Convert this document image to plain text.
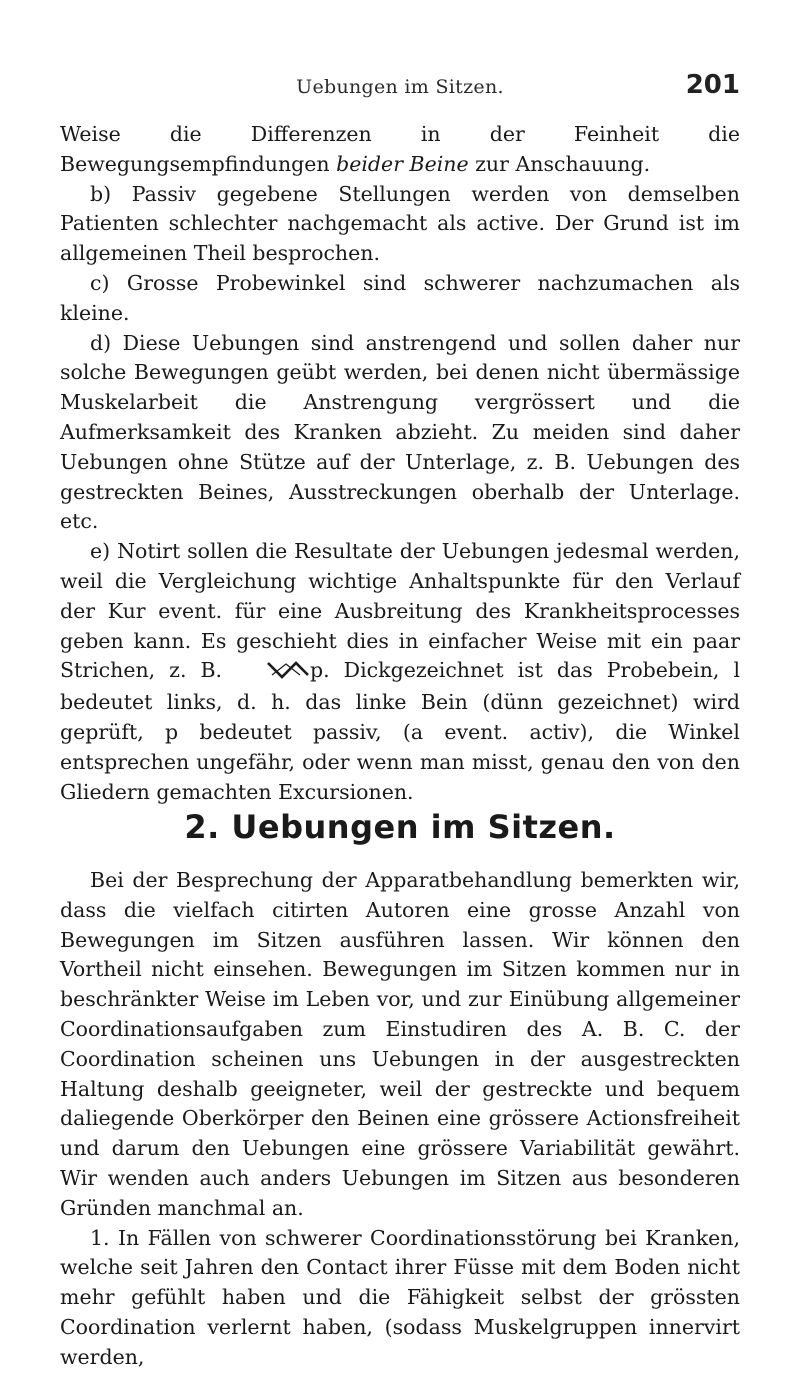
Uebungen im Sitzen.	201

Weise die Differenzen in der Feinheit die Bewegungsempfindungen beider Beine zur Anschauung.

b) Passiv gegebene Stellungen werden von demselben Patienten schlechter nachgemacht als active. Der Grund ist im allgemeinen Theil besprochen.

c) Grosse Probewinkel sind schwerer nachzumachen als kleine.

d) Diese Uebungen sind anstrengend und sollen daher nur solche Bewegungen geübt werden, bei denen nicht übermässige Muskelarbeit die Anstrengung vergrössert und die Aufmerksamkeit des Kranken abzieht. Zu meiden sind daher Uebungen ohne Stütze auf der Unterlage, z. B. Uebungen des gestreckten Beines, Ausstreckungen oberhalb der Unterlage. etc.

e) Notirt sollen die Resultate der Uebungen jedesmal werden, weil die Vergleichung wichtige Anhaltspunkte für den Verlauf der Kur event. für eine Ausbreitung des Krankheitsprocesses geben kann. Es geschieht dies in einfacher Weise mit ein paar Strichen, z. B.	p. Dickgezeichnet ist das Probebein, l bedeutet links, d. h. das linke Bein (dünn gezeichnet) wird geprüft, p bedeutet passiv, (a event. activ), die Winkel entsprechen ungefähr, oder wenn man misst, genau den von den Gliedern gemachten Excursionen.

2. Uebungen im Sitzen.

Bei der Besprechung der Apparatbehandlung bemerkten wir, dass die vielfach citirten Autoren eine grosse Anzahl von Bewegungen im Sitzen ausführen lassen. Wir können den Vortheil nicht einsehen. Bewegungen im Sitzen kommen nur in beschränkter Weise im Leben vor, und zur Einübung allgemeiner Coordinationsaufgaben zum Einstudiren des A. B. C. der Coordination scheinen uns Uebungen in der ausgestreckten Haltung deshalb geeigneter, weil der gestreckte und bequem daliegende Oberkörper den Beinen eine grössere Actionsfreiheit und darum den Uebungen eine grössere Variabilität gewährt. Wir wenden auch anders Uebungen im Sitzen aus besonderen Gründen manchmal an.

1. In Fällen von schwerer Coordinationsstörung bei Kranken, welche seit Jahren den Contact ihrer Füsse mit dem Boden nicht mehr gefühlt haben und die Fähigkeit selbst der grössten Coordination verlernt haben, (sodass Muskelgruppen innervirt werden,
